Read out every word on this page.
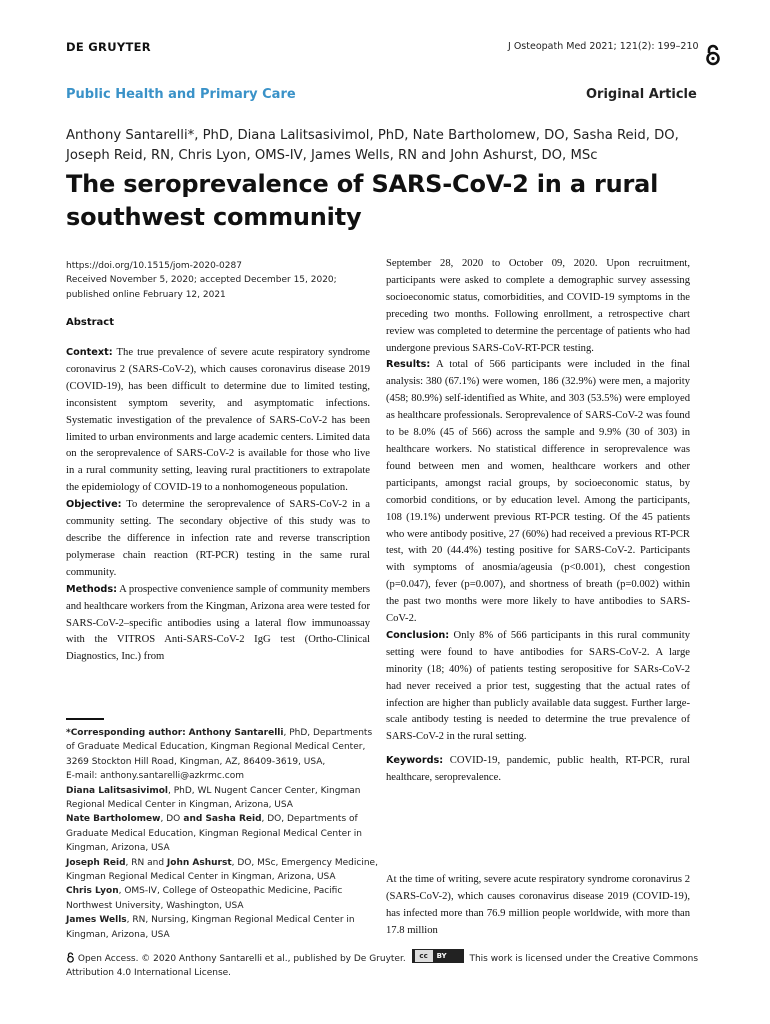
DE GRUYTER	J Osteopath Med 2021; 121(2): 199–210
Public Health and Primary Care	Original Article
Anthony Santarelli*, PhD, Diana Lalitsasivimol, PhD, Nate Bartholomew, DO, Sasha Reid, DO,
Joseph Reid, RN, Chris Lyon, OMS-IV, James Wells, RN and John Ashurst, DO, MSc
The seroprevalence of SARS-CoV-2 in a rural southwest community
https://doi.org/10.1515/jom-2020-0287
Received November 5, 2020; accepted December 15, 2020;
published online February 12, 2021
Abstract

Context: The true prevalence of severe acute respiratory syndrome coronavirus 2 (SARS-CoV-2), which causes coronavirus disease 2019 (COVID-19), has been difficult to determine due to limited testing, inconsistent symptom severity, and asymptomatic infections. Systematic investigation of the prevalence of SARS-CoV-2 has been limited to urban environments and large academic centers. Limited data on the seroprevalence of SARS-CoV-2 is available for those who live in a rural community setting, leaving rural practitioners to extrapolate the epidemiology of COVID-19 to a nonhomogeneous population.

Objective: To determine the seroprevalence of SARS-CoV-2 in a community setting. The secondary objective of this study was to describe the difference in infection rate and reverse transcription polymerase chain reaction (RT-PCR) testing in the same rural community.

Methods: A prospective convenience sample of community members and healthcare workers from the Kingman, Arizona area were tested for SARS-CoV-2–specific antibodies using a lateral flow immunoassay with the VITROS Anti-SARS-CoV-2 IgG test (Ortho-Clinical Diagnostics, Inc.) from

September 28, 2020 to October 09, 2020. Upon recruitment, participants were asked to complete a demographic survey assessing socioeconomic status, comorbidities, and COVID-19 symptoms in the preceding two months. Following enrollment, a retrospective chart review was completed to determine the percentage of patients who had undergone previous SARS-CoV-RT-PCR testing.

Results: A total of 566 participants were included in the final analysis: 380 (67.1%) were women, 186 (32.9%) were men, a majority (458; 80.9%) self-identified as White, and 303 (53.5%) were employed as healthcare professionals. Seroprevalence of SARS-CoV-2 was found to be 8.0% (45 of 566) across the sample and 9.9% (30 of 303) in healthcare workers. No statistical difference in seroprevalence was found between men and women, healthcare workers and other participants, amongst racial groups, by socioeconomic status, by comorbid conditions, or by education level. Among the participants, 108 (19.1%) underwent previous RT-PCR testing. Of the 45 patients who were antibody positive, 27 (60%) had received a previous RT-PCR test, with 20 (44.4%) testing positive for SARS-CoV-2. Participants with symptoms of anosmia/ageusia (p<0.001), chest congestion (p=0.047), fever (p=0.007), and shortness of breath (p=0.002) within the past two months were more likely to have antibodies to SARS-CoV-2.

Conclusion: Only 8% of 566 participants in this rural community setting were found to have antibodies for SARS-CoV-2. A large minority (18; 40%) of patients testing seropositive for SARs-CoV-2 had never received a prior test, suggesting that the actual rates of infection are higher than publicly available data suggest. Further large-scale antibody testing is needed to determine the true prevalence of SARS-CoV-2 in the rural setting.

Keywords: COVID-19, pandemic, public health, RT-PCR, rural healthcare, seroprevalence.

At the time of writing, severe acute respiratory syndrome coronavirus 2 (SARS-CoV-2), which causes coronavirus disease 2019 (COVID-19), has infected more than 76.9 million people worldwide, with more than 17.8 million

*Corresponding author: Anthony Santarelli, PhD, Departments of Graduate Medical Education, Kingman Regional Medical Center, 3269 Stockton Hill Road, Kingman, AZ, 86409-3619, USA,

E-mail: anthony.santarelli@azkrmc.com

Diana Lalitsasivimol, PhD, WL Nugent Cancer Center, Kingman Regional Medical Center in Kingman, Arizona, USA

Nate Bartholomew, DO and Sasha Reid, DO, Departments of Graduate Medical Education, Kingman Regional Medical Center in Kingman, Arizona, USA

Joseph Reid, RN and John Ashurst, DO, MSc, Emergency Medicine, Kingman Regional Medical Center in Kingman, Arizona, USA

Chris Lyon, OMS-IV, College of Osteopathic Medicine, Pacific Northwest University, Washington, USA

James Wells, RN, Nursing, Kingman Regional Medical Center in Kingman, Arizona, USA

Open Access. © 2020 Anthony Santarelli et al., published by De Gruyter.	cc	BY	This work is licensed under the Creative Commons Attribution 4.0 International License.
